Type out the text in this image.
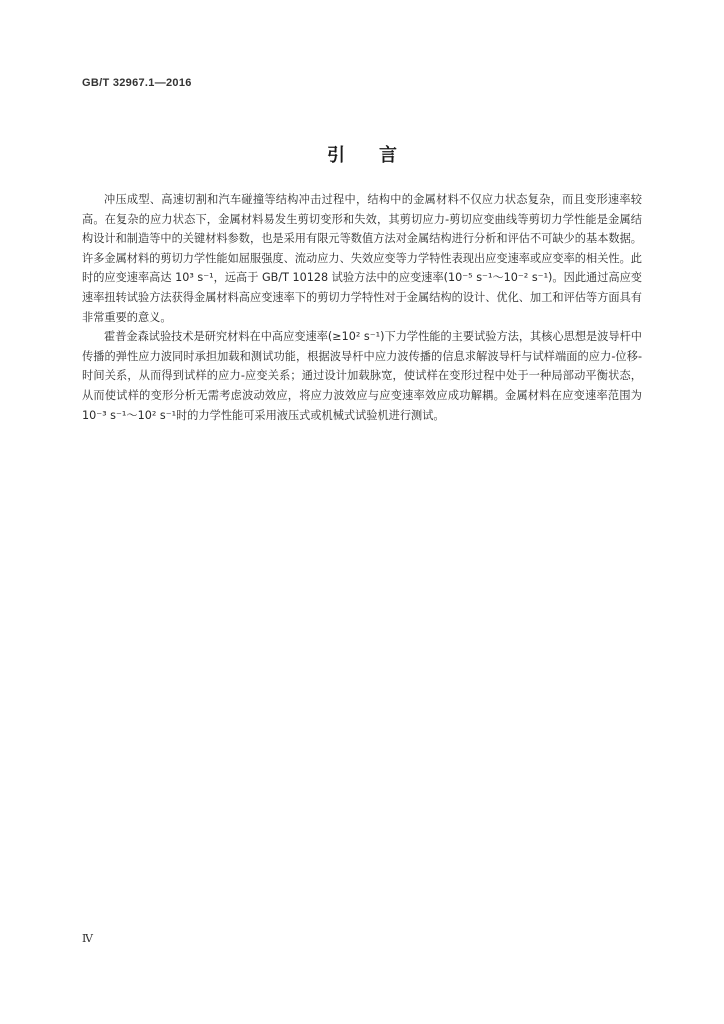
GB/T 32967.1—2016
引言

冲压成型、高速切割和汽车碰撞等结构冲击过程中，结构中的金属材料不仅应力状态复杂，而且变形速率较高。在复杂的应力状态下，金属材料易发生剪切变形和失效，其剪切应力-剪切应变曲线等剪切力学性能是金属结构设计和制造等中的关键材料参数，也是采用有限元等数值方法对金属结构进行分析和评估不可缺少的基本数据。许多金属材料的剪切力学性能如屈服强度、流动应力、失效应变等力学特性表现出应变速率或应变率的相关性。此时的应变速率高达 10³ s⁻¹，远高于 GB/T 10128 试验方法中的应变速率(10⁻⁵ s⁻¹～10⁻² s⁻¹)。因此通过高应变速率扭转试验方法获得金属材料高应变速率下的剪切力学特性对于金属结构的设计、优化、加工和评估等方面具有非常重要的意义。

霍普金森试验技术是研究材料在中高应变速率(≥10² s⁻¹)下力学性能的主要试验方法，其核心思想是波导杆中传播的弹性应力波同时承担加载和测试功能，根据波导杆中应力波传播的信息求解波导杆与试样端面的应力-位移-时间关系，从而得到试样的应力-应变关系；通过设计加载脉宽，使试样在变形过程中处于一种局部动平衡状态，从而使试样的变形分析无需考虑波动效应，将应力波效应与应变速率效应成功解耦。金属材料在应变速率范围为 10⁻³ s⁻¹～10² s⁻¹时的力学性能可采用液压式或机械式试验机进行测试。

Ⅳ
